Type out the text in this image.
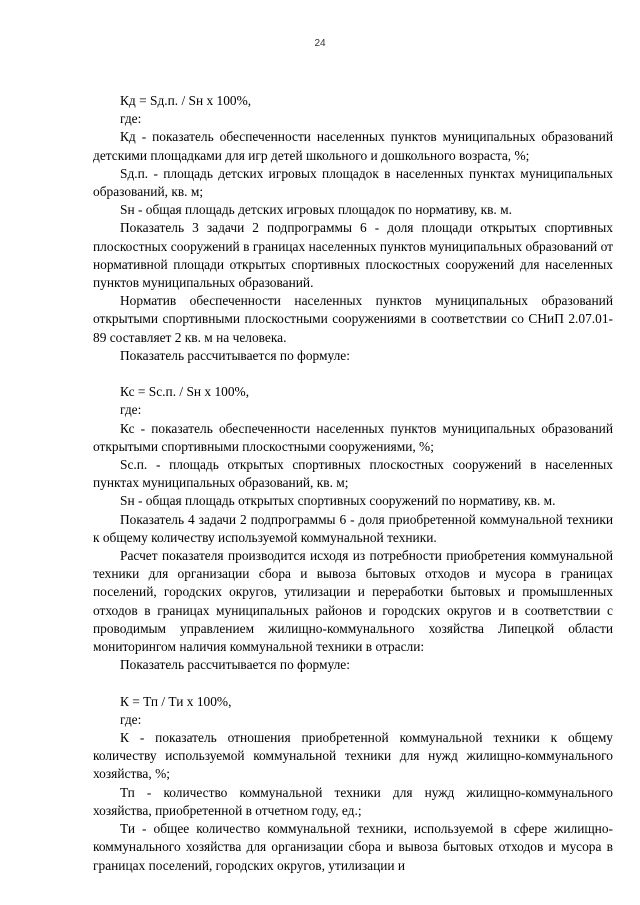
24

Кд = Sд.п. / Sн х 100%,

где:

Кд - показатель обеспеченности населенных пунктов муниципальных образований детскими площадками для игр детей школьного и дошкольного возраста, %;

Sд.п. - площадь детских игровых площадок в населенных пунктах муниципальных образований, кв. м;

Sн - общая площадь детских игровых площадок по нормативу, кв. м.

Показатель 3 задачи 2 подпрограммы 6 - доля площади открытых спортивных плоскостных сооружений в границах населенных пунктов муниципальных образований от нормативной площади открытых спортивных плоскостных сооружений для населенных пунктов муниципальных образований.

Норматив обеспеченности населенных пунктов муниципальных образований открытыми спортивными плоскостными сооружениями в соответствии со СНиП 2.07.01-89 составляет 2 кв. м на человека.

Показатель рассчитывается по формуле:

Кс = Sс.п. / Sн х 100%,

где:

Кс - показатель обеспеченности населенных пунктов муниципальных образований открытыми спортивными плоскостными сооружениями, %;

Sс.п. - площадь открытых спортивных плоскостных сооружений в населенных пунктах муниципальных образований, кв. м;

Sн - общая площадь открытых спортивных сооружений по нормативу, кв. м.

Показатель 4 задачи 2 подпрограммы 6 - доля приобретенной коммунальной техники к общему количеству используемой коммунальной техники.

Расчет показателя производится исходя из потребности приобретения коммунальной техники для организации сбора и вывоза бытовых отходов и мусора в границах поселений, городских округов, утилизации и переработки бытовых и промышленных отходов в границах муниципальных районов и городских округов и в соответствии с проводимым управлением жилищно-коммунального хозяйства Липецкой области мониторингом наличия коммунальной техники в отрасли:

Показатель рассчитывается по формуле:

К = Тп / Ти х 100%,

где:

К - показатель отношения приобретенной коммунальной техники к общему количеству используемой коммунальной техники для нужд жилищно-коммунального хозяйства, %;

Тп - количество коммунальной техники для нужд жилищно-коммунального хозяйства, приобретенной в отчетном году, ед.;

Ти - общее количество коммунальной техники, используемой в сфере жилищно-коммунального хозяйства для организации сбора и вывоза бытовых отходов и мусора в границах поселений, городских округов, утилизации и
